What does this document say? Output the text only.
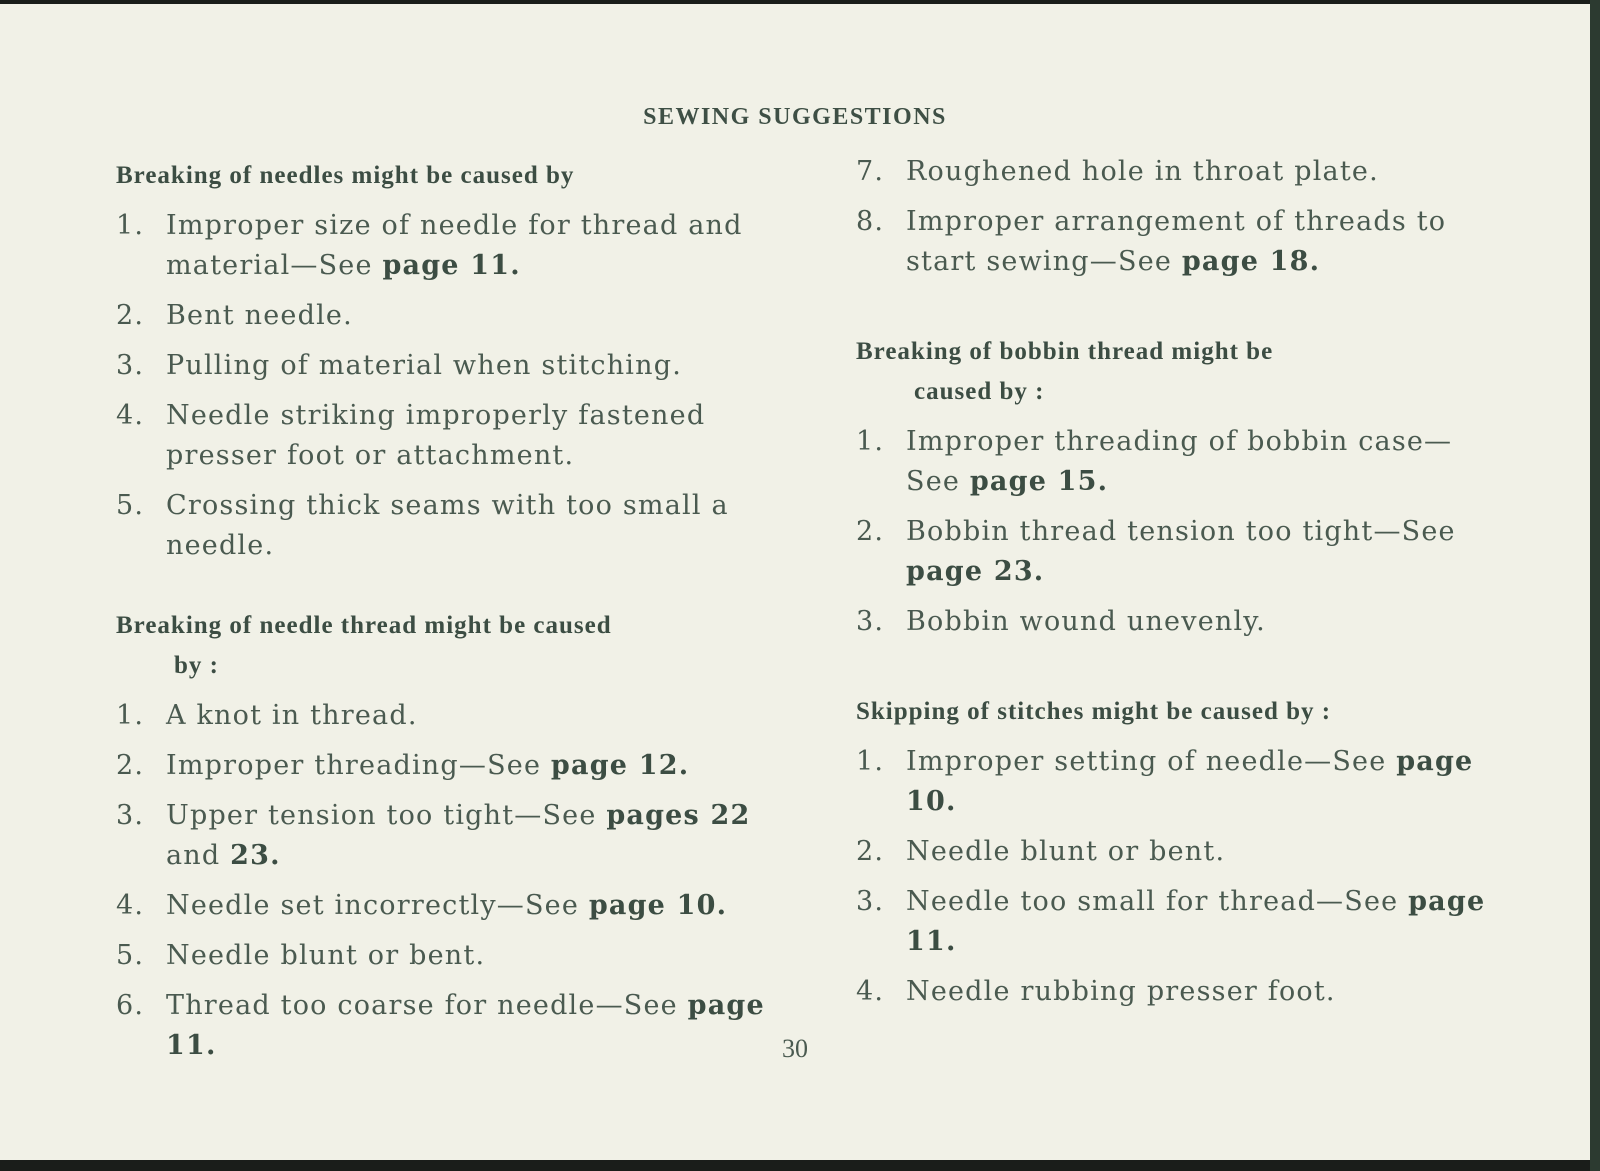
SEWING SUGGESTIONS

Breaking of needles might be caused by

1. Improper size of needle for thread and material—See page 11.
2. Bent needle.
3. Pulling of material when stitching.
4. Needle striking improperly fastened presser foot or attachment.
5. Crossing thick seams with too small a needle.

Breaking of needle thread might be caused
by :

1. A knot in thread.
2. Improper threading—See page 12.
3. Upper tension too tight—See pages 22 and 23.
4. Needle set incorrectly—See page 10.
5. Needle blunt or bent.
6. Thread too coarse for needle—See page 11.
7. Roughened hole in throat plate.
8. Improper arrangement of threads to start sewing—See page 18.

Breaking of bobbin thread might be
caused by :

1. Improper threading of bobbin case—See page 15.
2. Bobbin thread tension too tight—See page 23.
3. Bobbin wound unevenly.

Skipping of stitches might be caused by :

1. Improper setting of needle—See page 10.
2. Needle blunt or bent.
3. Needle too small for thread—See page 11.
4. Needle rubbing presser foot.
30
